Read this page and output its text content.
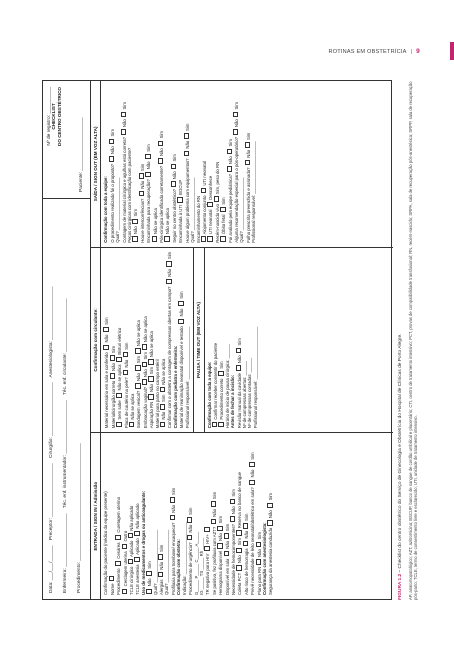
ROTINAS EM OBSTETRÍCIA | 9
Data: ___/___/______ Preceptor: ____________________ Cirurgião: ____________________ Anestesiologista: ____________________
Enfermeira: ____________________ Téc. enf. instrumentador: ____________________ Téc. enf. circulante: ____________________
Procedimento: ____________________________________________
Nº de registro: __________ CHECKLIST DO CENTRO OBSTÉTRICO
Paciente: ____________________
ENTRADA / SIGN IN / Admissão	Confirmação do paciente (médico da equipe presente) Nome Procedimento  Cesárea  Curetagem uterina
Cerclagem uterina  Outro
TCLE cirúrgico  Aplicado  Não aplicado
TCLE anestesia  Aplicado  Não aplicado Uso de medicamentos e drogas ou anticoagulante: Não  Sim Qual? ______________________ Alergias  Não  Sim Qual? ______________________ Profilaxia para trombose/ enxaqueca?  Não  Sim
Confirmação com obstetra: Indicação: ______________________ Procedimento de urgência?  Não  Sim
G_____ P_____ C_____ A_____ IG _____ TS _____ Rh _____ TR negativo para HIV  HIV+ Se positivo, fez profilaxia com AZT?  Não  Sim
Hemograma disponível  Não  Sim
Disponível em sala  Não  Sim Necessidade de hemocomponentes?  Não  Sim
Coleta PCT  Não  Sim  Reserva no banco de sangue
Alto risco de hemorragia  Não  Sim Prevê necessidade de leito neonatal/obstétrico em sala?  Não  Sim
Plano para RN  Não  Sim Confirmação com anestesiologista: Segurança da anestesia conduzida  Não  Sim
Confirmação com circulante:
Material necessário em sala e conferido  Não  Sim
Material/cirurgião correto  Não  Sim
Sem sabe  Não se aplica  Bisturi elétrico
Placa de cautério na pele?  Não  Sim
Não se aplica Sondagem vesical?  Não  Sim  Não se aplica
Embrocação vaginal?  Não  Sim  Não se aplica
Aspiração RN  Não  Sim  Não se aplica
Material para parto no campo estéril Não  Sim  Não se aplica Confirmar com o obstetra a contagem de compressas abertas em campo?  Não  Sim
Confirmação com pediatra e enfermeira: Material de reanimação neonatal disponível e testado  Não  Sim
Profissional responsável: ______________________	PAUSA / TIME OUT (EM VOZ ALTA)
Confirmação com toda a equipe: Confirmar receber consentir do paciente Procedimento correto  Sim Horário de início de pausa cirúrgica: ______ Antes de fechar a incisão: Revisão manual da cavidade  Não  Sim
Nº de compressas abertas: ______ Nº de compressas contadas: ______ Profissional responsável: ______________________
SAÍDA / SIGN OUT (EM VOZ ALTA)
Confirmação com toda a equipe: O procedimento realizado foi o proposto?  Não  Sim
Qual? ______________________ Contagem de material cirúrgico e agulhas está correta?  Não  Sim
Peças cirúrgicas com identificação com paciente? Não  Sim Houve intercorrências?  Não  Sim
Encaminhada para recuperação?  Não  Sim
Não se aplica Pós-cirúrgica identificada corretamente?  Não  Sim
Não se aplica Seguir no centro obstétrico?  Não  Sim
Encaminhada à UTI  BOCUP Houve algum problema com equipamentos?  Não  Sim
Qual? ______________________ Encaminhamento do RN Alojamento conjunto  UTI neonatal
UTI neonatal  Desconhece
Recém-nascido vivo  Sim, peso do RN
Óbito fetal  Sim Foi avaliado pela equipe pediátrica?  Não  Sim Alguma recomendação especial para o pós-operatório?  Não  Sim
Qual? ______________________ Folha prescrita preenchida e assinada?  Não  Sim
Profissional responsável: ______________________
FIGURA 1.2 – Checklist do centro obstétrico do Serviço de Ginecologia e Obstetrícia do Hospital de Clínicas de Porto Alegre. AP, anatomopatológico; AZT, azitromicina; BSCUP, banco de sangue de cordão umbilical e placentário; CTI, centro de tratamento intensivo; PCT, provas de compatibilidade transfusional; RN, recém-nascido; SRPA, sala de recuperação pós-anestésica; SRPP, sala de recuperação pós-parto; TCLE, termo de consentimento livre e esclarecido; UTI, unidade de tratamento intensivo.
